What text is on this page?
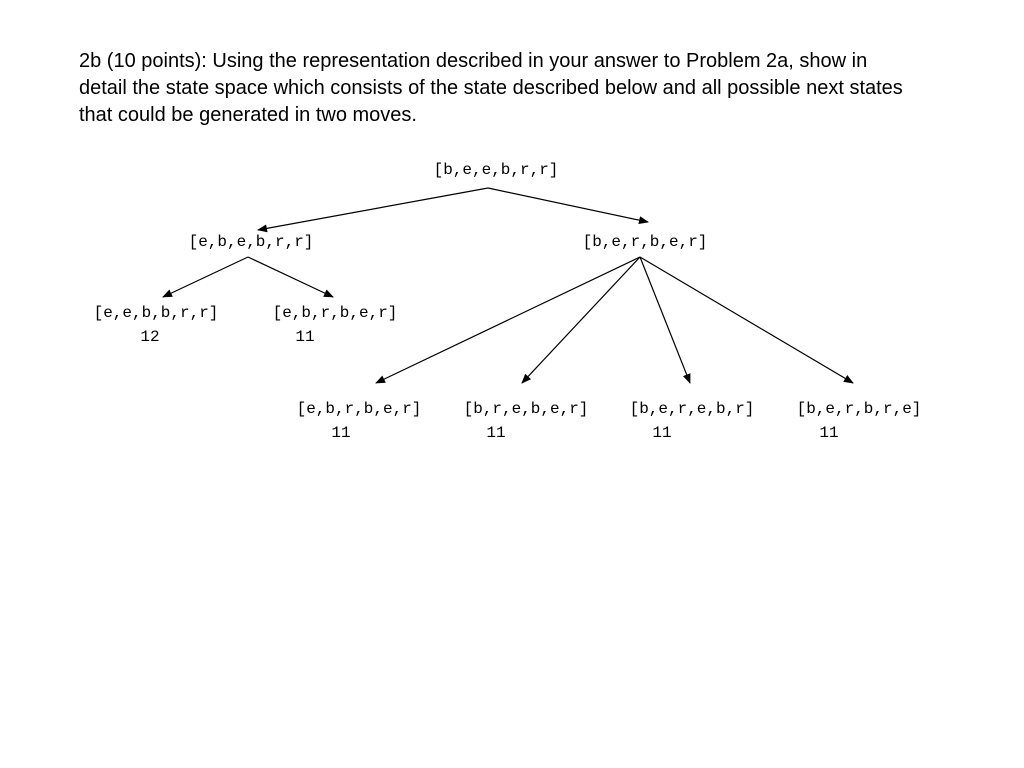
2b (10 points): Using the representation described in your answer to Problem 2a, show in
detail the state space which consists of the state described below and all possible next states
that could be generated in two moves.
[b,e,e,b,r,r]
[e,b,e,b,r,r]	[b,e,r,b,e,r]
[e,e,b,b,r,r]
12
[e,b,r,b,e,r]
11
[e,b,r,b,e,r]
11
[b,r,e,b,e,r]
11
[b,e,r,e,b,r]
11
[b,e,r,b,r,e]
11
